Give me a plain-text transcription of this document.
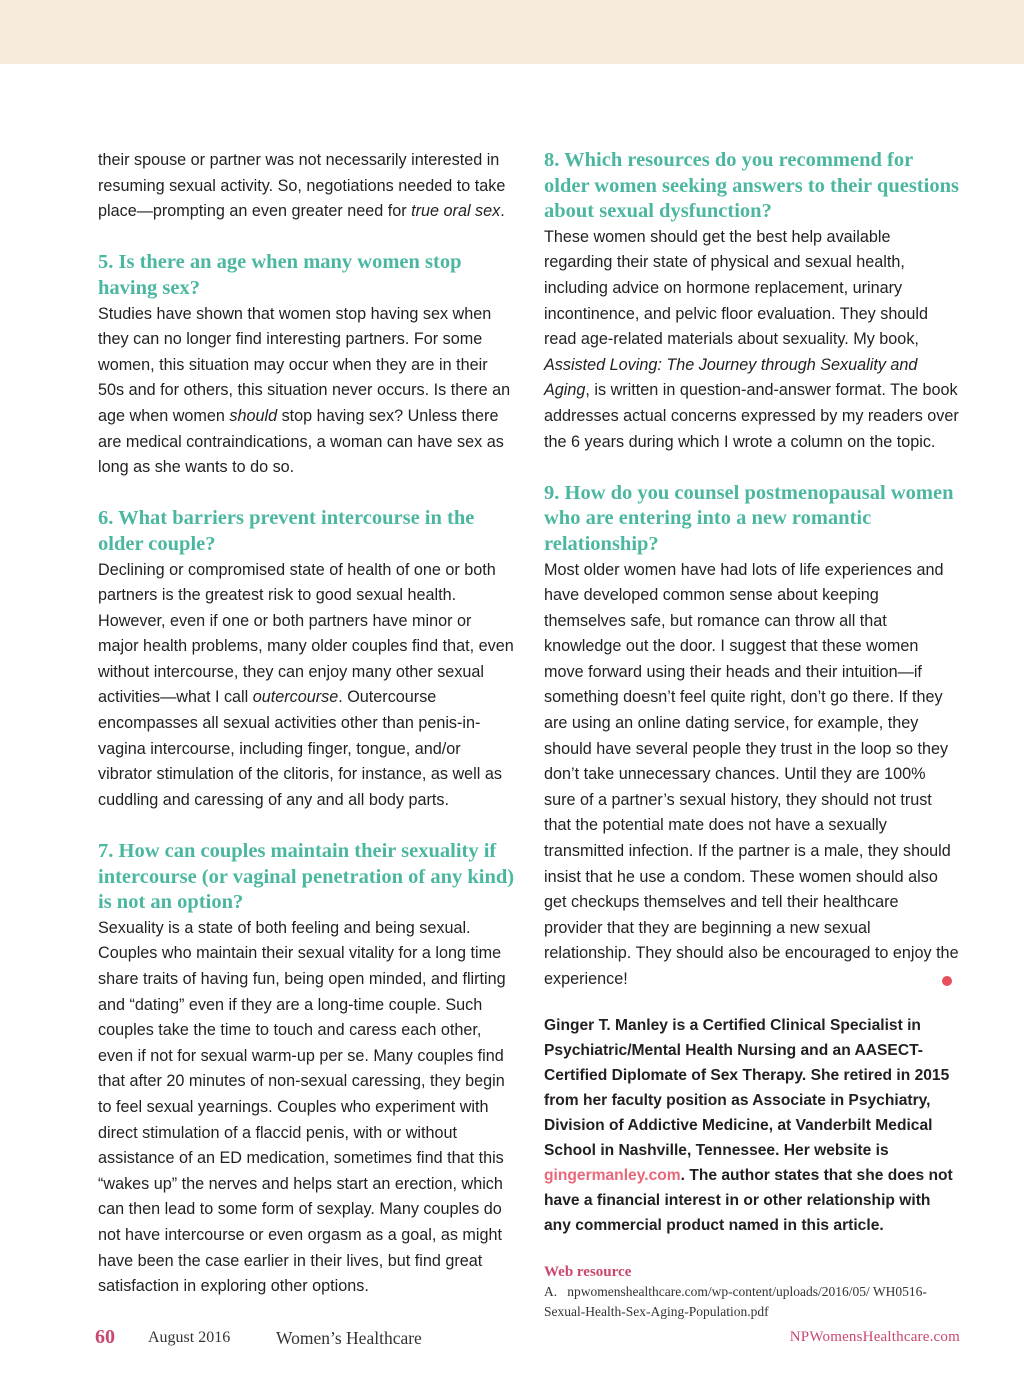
their spouse or partner was not necessarily interested in resuming sexual activity. So, negotiations needed to take place—prompting an even greater need for true oral sex.

5. Is there an age when many women stop having sex?

Studies have shown that women stop having sex when they can no longer find interesting partners. For some women, this situation may occur when they are in their 50s and for others, this situation never occurs. Is there an age when women should stop having sex? Unless there are medical contraindications, a woman can have sex as long as she wants to do so.

6. What barriers prevent intercourse in the older couple?

Declining or compromised state of health of one or both partners is the greatest risk to good sexual health. However, even if one or both partners have minor or major health problems, many older couples find that, even without intercourse, they can enjoy many other sexual activities—what I call outercourse. Outercourse encompasses all sexual activities other than penis-in-vagina intercourse, including finger, tongue, and/or vibrator stimulation of the clitoris, for instance, as well as cuddling and caressing of any and all body parts.

7. How can couples maintain their sexuality if intercourse (or vaginal penetration of any kind) is not an option?

Sexuality is a state of both feeling and being sexual. Couples who maintain their sexual vitality for a long time share traits of having fun, being open minded, and flirting and “dating” even if they are a long-time couple. Such couples take the time to touch and caress each other, even if not for sexual warm-up per se. Many couples find that after 20 minutes of non-sexual caressing, they begin to feel sexual yearnings. Couples who experiment with direct stimulation of a flaccid penis, with or without assistance of an ED medication, sometimes find that this “wakes up” the nerves and helps start an erection, which can then lead to some form of sexplay. Many couples do not have intercourse or even orgasm as a goal, as might have been the case earlier in their lives, but find great satisfaction in exploring other options.

8. Which resources do you recommend for older women seeking answers to their questions about sexual dysfunction?

These women should get the best help available regarding their state of physical and sexual health, including advice on hormone replacement, urinary incontinence, and pelvic floor evaluation. They should read age-related materials about sexuality. My book, Assisted Loving: The Journey through Sexuality and Aging, is written in question-and-answer format. The book addresses actual concerns expressed by my readers over the 6 years during which I wrote a column on the topic.

9. How do you counsel postmenopausal women who are entering into a new romantic relationship?

Most older women have had lots of life experiences and have developed common sense about keeping themselves safe, but romance can throw all that knowledge out the door. I suggest that these women move forward using their heads and their intuition—if something doesn’t feel quite right, don’t go there. If they are using an online dating service, for example, they should have several people they trust in the loop so they don’t take unnecessary chances. Until they are 100% sure of a partner’s sexual history, they should not trust that the potential mate does not have a sexually transmitted infection. If the partner is a male, they should insist that he use a condom. These women should also get checkups themselves and tell their healthcare provider that they are beginning a new sexual relationship. They should also be encouraged to enjoy the experience!

Ginger T. Manley is a Certified Clinical Specialist in Psychiatric/Mental Health Nursing and an AASECT-Certified Diplomate of Sex Therapy. She retired in 2015 from her faculty position as Associate in Psychiatry, Division of Addictive Medicine, at Vanderbilt Medical School in Nashville, Tennessee. Her website is gingermanley.com. The author states that she does not have a financial interest in or other relationship with any commercial product named in this article.

Web resource

A.   npwomenshealthcare.com/wp-content/uploads/2016/05/ WH0516-Sexual-Health-Sex-Aging-Population.pdf

60 August 2016	Women’s Healthcare	NPWomensHealthcare.com
